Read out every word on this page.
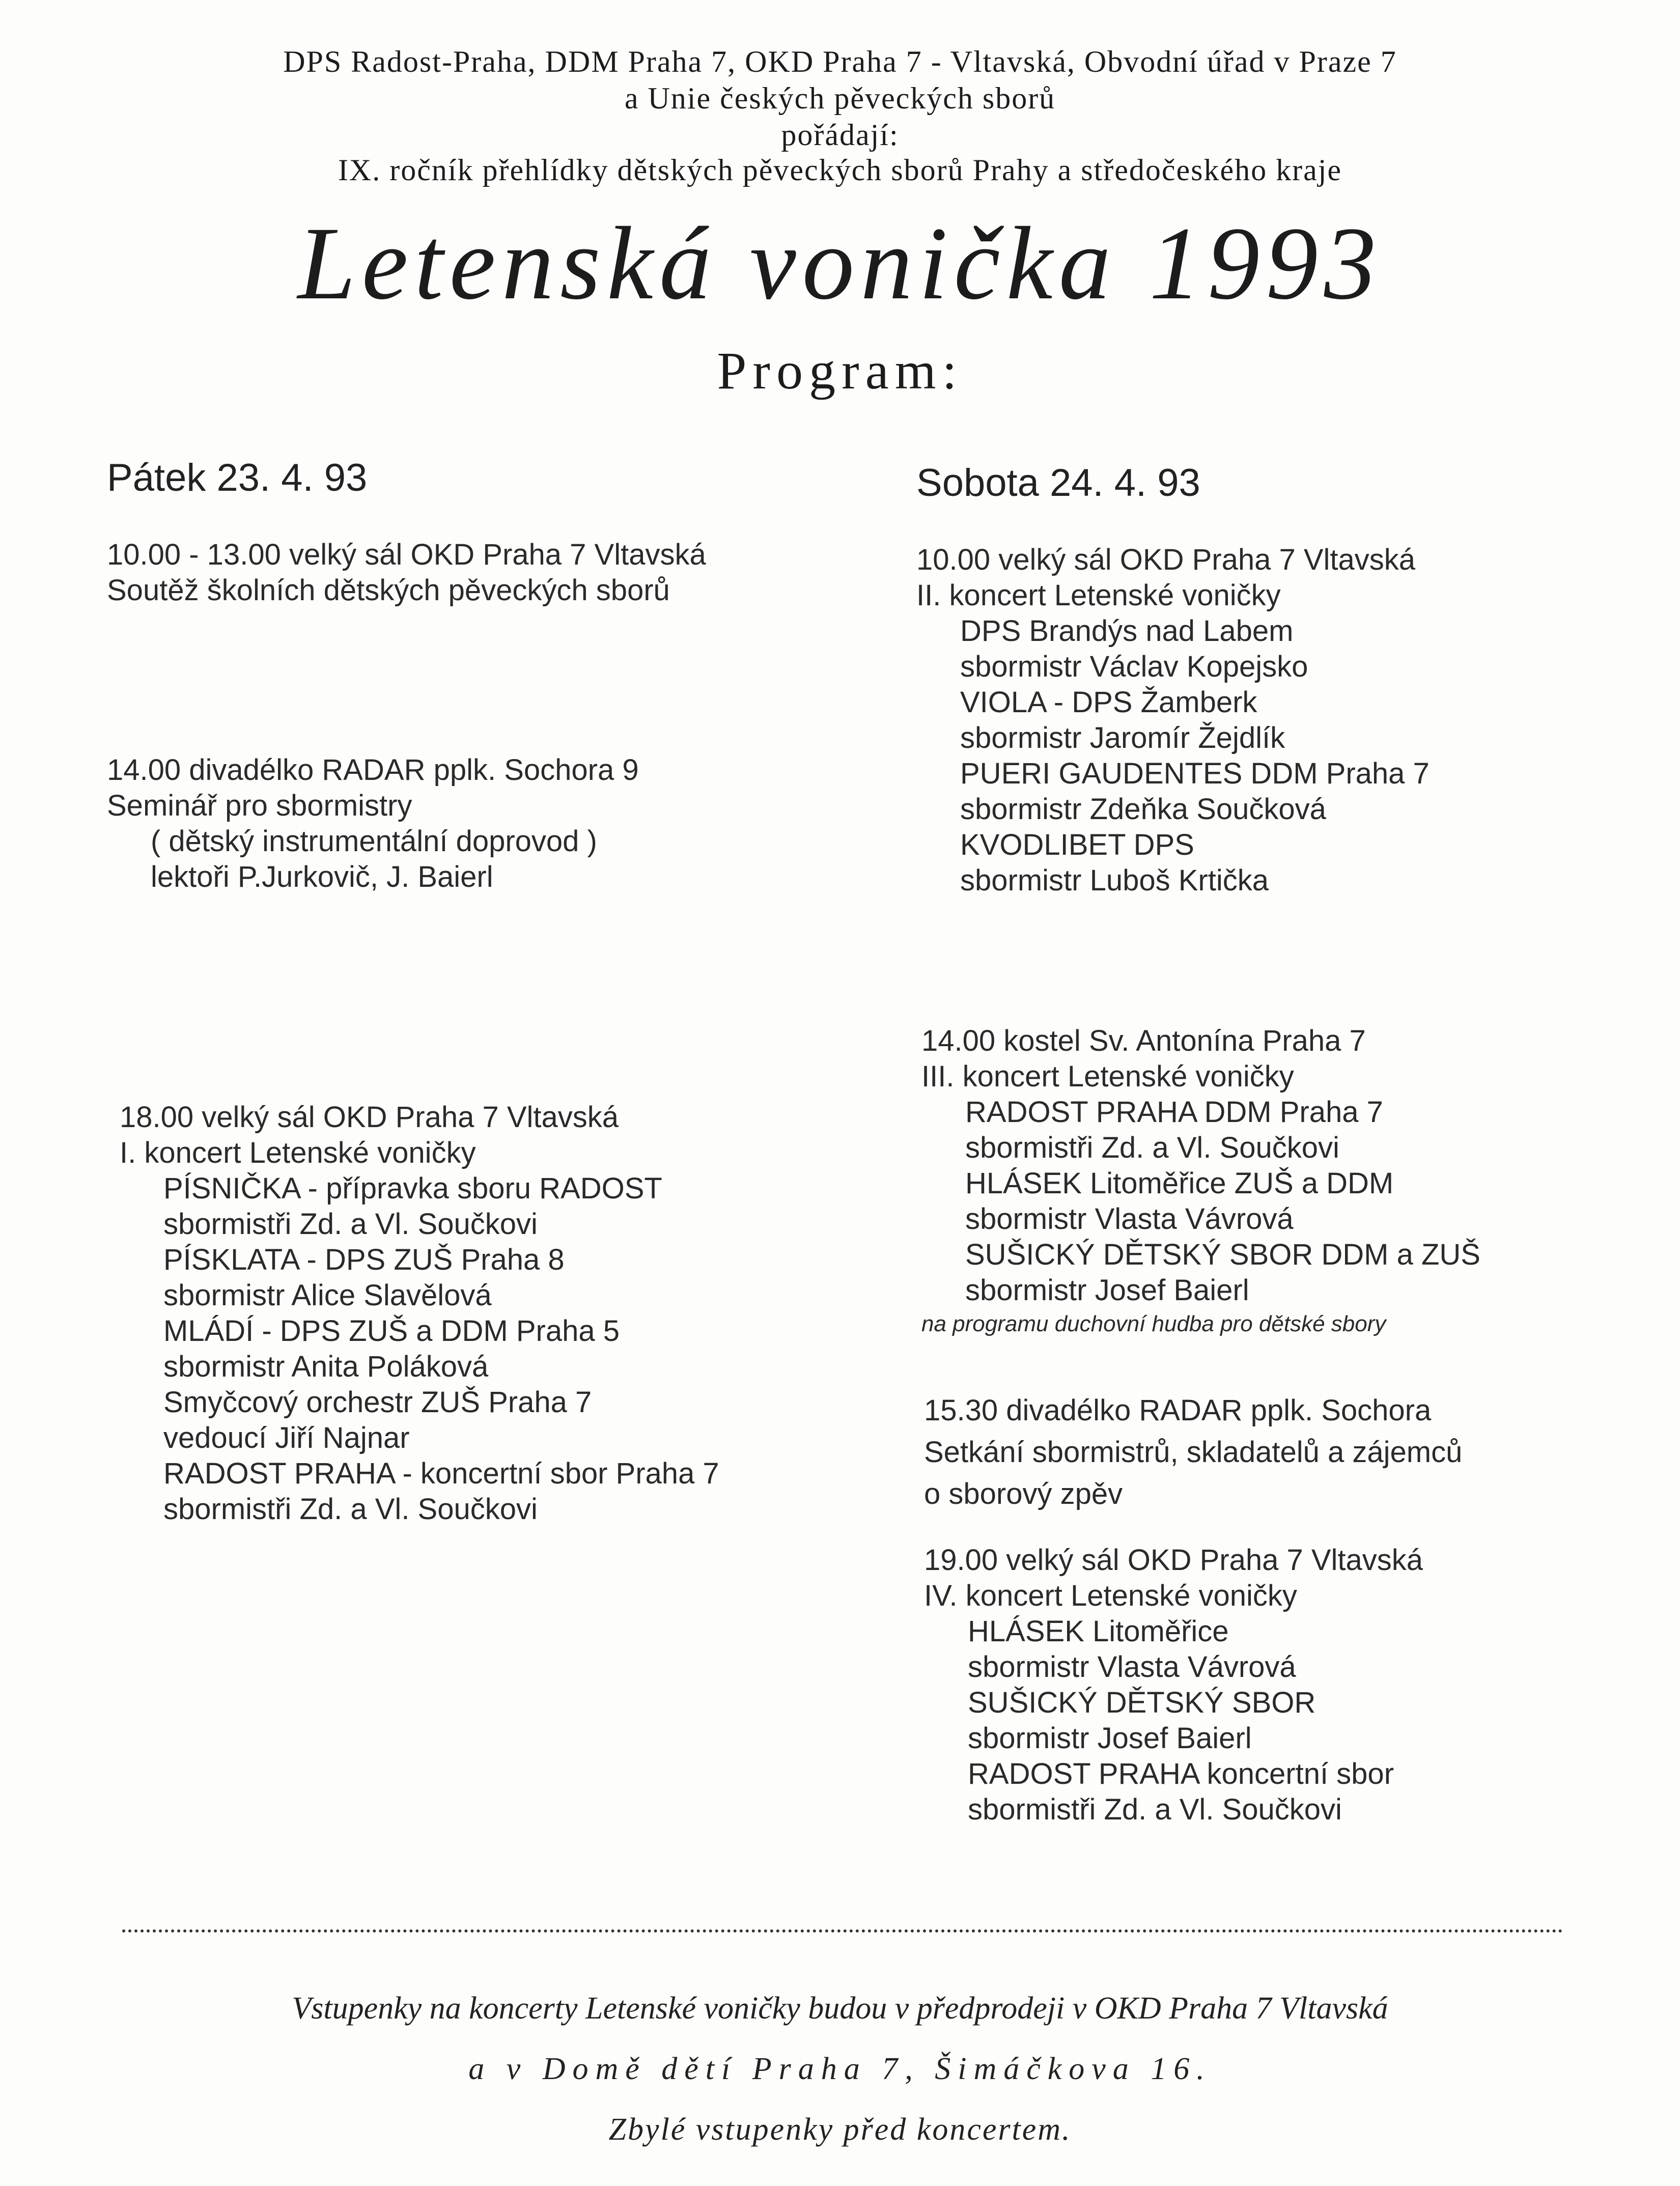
DPS Radost-Praha, DDM Praha 7, OKD Praha 7 - Vltavská, Obvodní úřad v Praze 7
a Unie českých pěveckých sborů
pořádají:
IX. ročník přehlídky dětských pěveckých sborů Prahy a středočeského kraje
Letenská vonička 1993
Program:
Pátek 23. 4. 93
10.00 - 13.00 velký sál OKD Praha 7 Vltavská
Soutěž školních dětských pěveckých sborů
14.00 divadélko RADAR pplk. Sochora 9
Seminář pro sbormistry
( dětský instrumentální doprovod )
lektoři P.Jurkovič, J. Baierl
18.00 velký sál OKD Praha 7 Vltavská
I. koncert Letenské voničky
PÍSNIČKA - přípravka sboru RADOST
sbormistři Zd. a Vl. Součkovi
PÍSKLATA - DPS ZUŠ Praha 8
sbormistr Alice Slavělová
MLÁDÍ - DPS ZUŠ a DDM Praha 5
sbormistr Anita Poláková
Smyčcový orchestr ZUŠ Praha 7
vedoucí Jiří Najnar
RADOST PRAHA - koncertní sbor Praha 7
sbormistři Zd. a Vl. Součkovi
Sobota 24. 4. 93
10.00 velký sál OKD Praha 7 Vltavská
II. koncert Letenské voničky
DPS Brandýs nad Labem
sbormistr Václav Kopejsko
VIOLA - DPS Žamberk
sbormistr Jaromír Žejdlík
PUERI GAUDENTES DDM Praha 7
sbormistr Zdeňka Součková
KVODLIBET DPS
sbormistr Luboš Krtička
14.00 kostel Sv. Antonína Praha 7
III. koncert Letenské voničky
RADOST PRAHA DDM Praha 7
sbormistři Zd. a Vl. Součkovi
HLÁSEK Litoměřice ZUŠ a DDM
sbormistr Vlasta Vávrová
SUŠICKÝ DĚTSKÝ SBOR DDM a ZUŠ
sbormistr Josef Baierl
na programu duchovní hudba pro dětské sbory
15.30 divadélko RADAR pplk. Sochora
Setkání sbormistrů, skladatelů a zájemců
o sborový zpěv
19.00 velký sál OKD Praha 7 Vltavská
IV. koncert Letenské voničky
HLÁSEK Litoměřice
sbormistr Vlasta Vávrová
SUŠICKÝ DĚTSKÝ SBOR
sbormistr Josef Baierl
RADOST PRAHA koncertní sbor
sbormistři Zd. a Vl. Součkovi
Vstupenky na koncerty Letenské voničky budou v předprodeji v OKD Praha 7 Vltavská
a v Domě dětí Praha 7, Šimáčkova 16.
Zbylé vstupenky před koncertem.
